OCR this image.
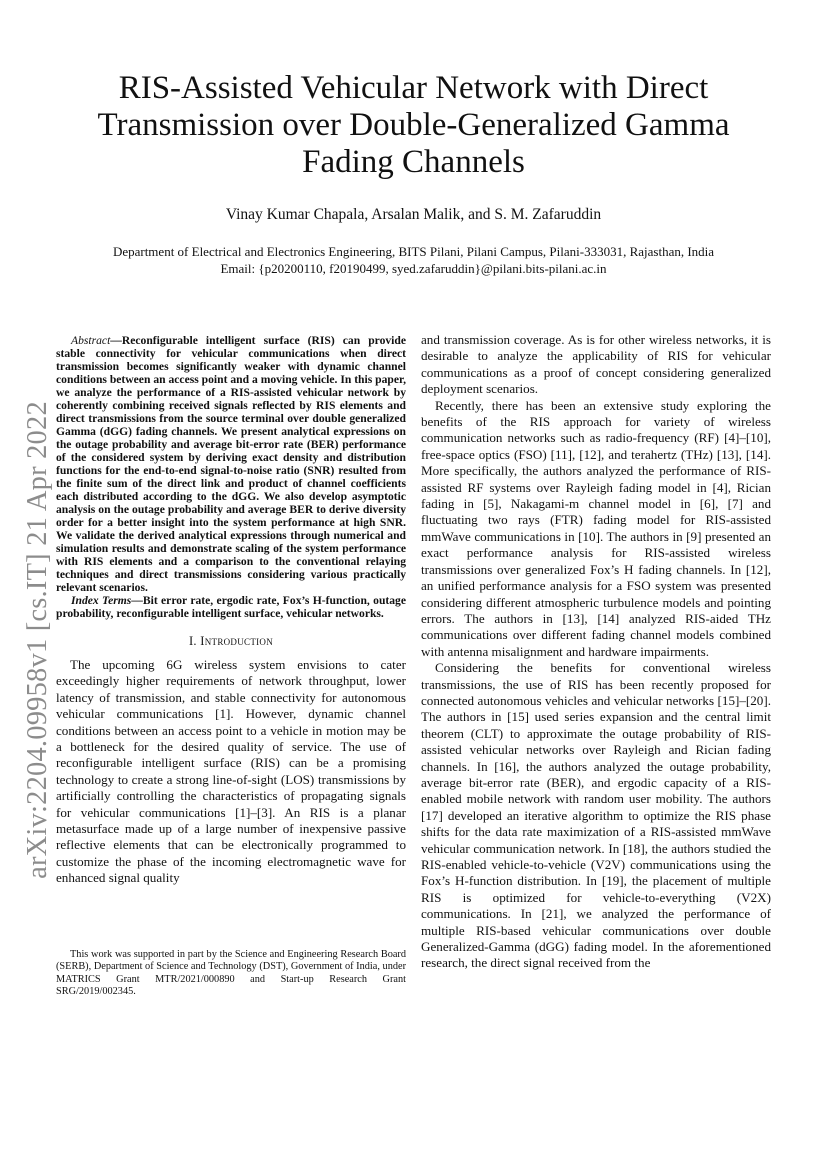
arXiv:2204.09958v1 [cs.IT] 21 Apr 2022
RIS-Assisted Vehicular Network with Direct
Transmission over Double-Generalized Gamma
Fading Channels
Vinay Kumar Chapala, Arsalan Malik, and S. M. Zafaruddin
Department of Electrical and Electronics Engineering, BITS Pilani, Pilani Campus, Pilani-333031, Rajasthan, India
Email: {p20200110, f20190499, syed.zafaruddin}@pilani.bits-pilani.ac.in

Abstract—Reconfigurable intelligent surface (RIS) can provide stable connectivity for vehicular communications when direct transmission becomes significantly weaker with dynamic channel conditions between an access point and a moving vehicle. In this paper, we analyze the performance of a RIS-assisted vehicular network by coherently combining received signals reflected by RIS elements and direct transmissions from the source terminal over double generalized Gamma (dGG) fading channels. We present analytical expressions on the outage probability and average bit-error rate (BER) performance of the considered system by deriving exact density and distribution functions for the end-to-end signal-to-noise ratio (SNR) resulted from the finite sum of the direct link and product of channel coefficients each distributed according to the dGG. We also develop asymptotic analysis on the outage probability and average BER to derive diversity order for a better insight into the system performance at high SNR. We validate the derived analytical expressions through numerical and simulation results and demonstrate scaling of the system performance with RIS elements and a comparison to the conventional relaying techniques and direct transmissions considering various practically relevant scenarios.

Index Terms—Bit error rate, ergodic rate, Fox’s H-function, outage probability, reconfigurable intelligent surface, vehicular networks.

I. Introduction

The upcoming 6G wireless system envisions to cater exceedingly higher requirements of network throughput, lower latency of transmission, and stable connectivity for autonomous vehicular communications [1]. However, dynamic channel conditions between an access point to a vehicle in motion may be a bottleneck for the desired quality of service. The use of reconfigurable intelligent surface (RIS) can be a promising technology to create a strong line-of-sight (LOS) transmissions by artificially controlling the characteristics of propagating signals for vehicular communications [1]–[3]. An RIS is a planar metasurface made up of a large number of inexpensive passive reflective elements that can be electronically programmed to customize the phase of the incoming electromagnetic wave for enhanced signal quality

This work was supported in part by the Science and Engineering Research Board (SERB), Department of Science and Technology (DST), Government of India, under MATRICS Grant MTR/2021/000890 and Start-up Research Grant SRG/2019/002345.

and transmission coverage. As is for other wireless networks, it is desirable to analyze the applicability of RIS for vehicular communications as a proof of concept considering generalized deployment scenarios.

Recently, there has been an extensive study exploring the benefits of the RIS approach for variety of wireless communication networks such as radio-frequency (RF) [4]–[10], free-space optics (FSO) [11], [12], and terahertz (THz) [13], [14]. More specifically, the authors analyzed the performance of RIS-assisted RF systems over Rayleigh fading model in [4], Rician fading in [5], Nakagami-m channel model in [6], [7] and fluctuating two rays (FTR) fading model for RIS-assisted mmWave communications in [10]. The authors in [9] presented an exact performance analysis for RIS-assisted wireless transmissions over generalized Fox’s H fading channels. In [12], an unified performance analysis for a FSO system was presented considering different atmospheric turbulence models and pointing errors. The authors in [13], [14] analyzed RIS-aided THz communications over different fading channel models combined with antenna misalignment and hardware impairments.

Considering the benefits for conventional wireless transmissions, the use of RIS has been recently proposed for connected autonomous vehicles and vehicular networks [15]–[20]. The authors in [15] used series expansion and the central limit theorem (CLT) to approximate the outage probability of RIS-assisted vehicular networks over Rayleigh and Rician fading channels. In [16], the authors analyzed the outage probability, average bit-error rate (BER), and ergodic capacity of a RIS-enabled mobile network with random user mobility. The authors [17] developed an iterative algorithm to optimize the RIS phase shifts for the data rate maximization of a RIS-assisted mmWave vehicular communication network. In [18], the authors studied the RIS-enabled vehicle-to-vehicle (V2V) communications using the Fox’s H-function distribution. In [19], the placement of multiple RIS is optimized for vehicle-to-everything (V2X) communications. In [21], we analyzed the performance of multiple RIS-based vehicular communications over double Generalized-Gamma (dGG) fading model. In the aforementioned research, the direct signal received from the
